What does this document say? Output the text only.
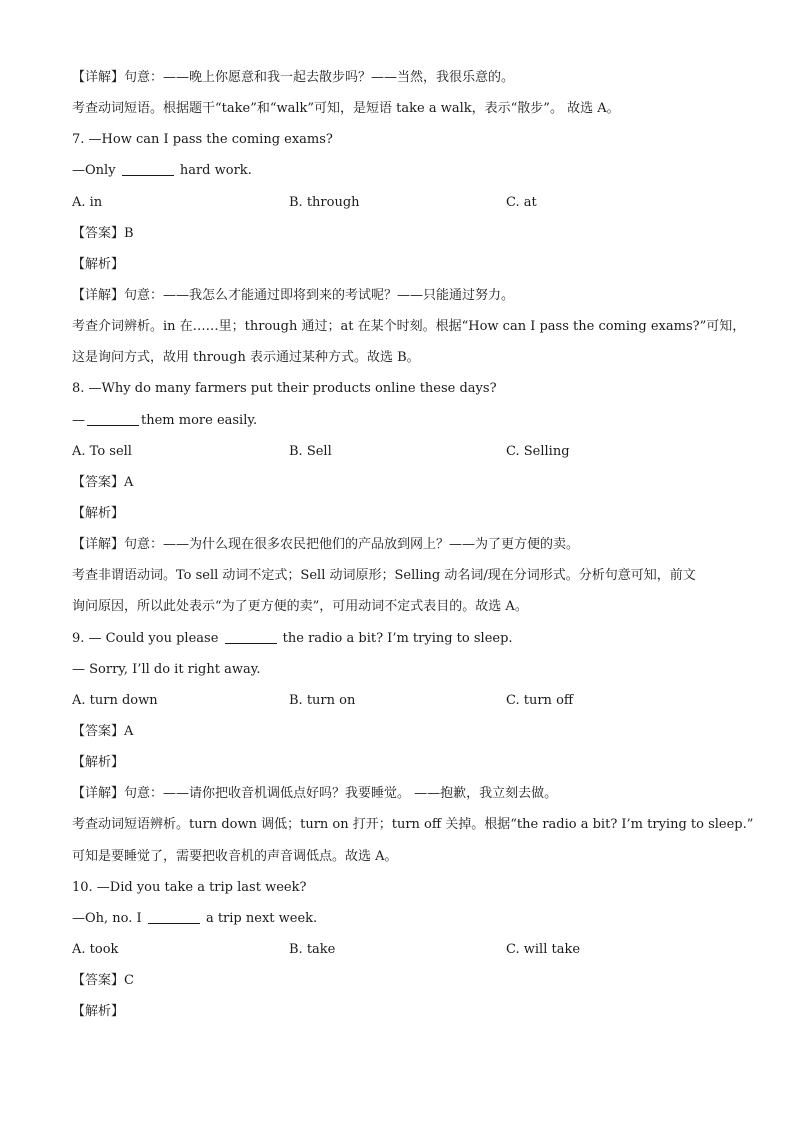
【详解】句意：——晚上你愿意和我一起去散步吗？——当然，我很乐意的。
考查动词短语。根据题干“take”和“walk”可知，是短语 take a walk，表示“散步”。 故选 A。
7. —How can I pass the coming exams?
—Only	hard work.
A. in	B. through	C. at
【答案】B
【解析】
【详解】句意：——我怎么才能通过即将到来的考试呢？——只能通过努力。
考查介词辨析。in 在……里；through 通过；at 在某个时刻。根据“How can I pass the coming exams?”可知，
这是询问方式，故用 through 表示通过某种方式。故选 B。
8. —Why do many farmers put their products online these days?
—	them more easily.
A. To sell	B. Sell	C. Selling
【答案】A
【解析】
【详解】句意：——为什么现在很多农民把他们的产品放到网上？——为了更方便的卖。
考查非谓语动词。To sell 动词不定式；Sell 动词原形；Selling 动名词/现在分词形式。分析句意可知，前文
询问原因，所以此处表示“为了更方便的卖”，可用动词不定式表目的。故选 A。
9. — Could you please	the radio a bit? I’m trying to sleep.
— Sorry, I’ll do it right away.
A. turn down	B. turn on	C. turn off
【答案】A
【解析】
【详解】句意：——请你把收音机调低点好吗？我要睡觉。 ——抱歉，我立刻去做。
考查动词短语辨析。turn down 调低；turn on 打开；turn off 关掉。根据“the radio a bit? I’m trying to sleep.”
可知是要睡觉了，需要把收音机的声音调低点。故选 A。
10. —Did you take a trip last week?
—Oh, no. I	a trip next week.
A. took	B. take	C. will take
【答案】C
【解析】
